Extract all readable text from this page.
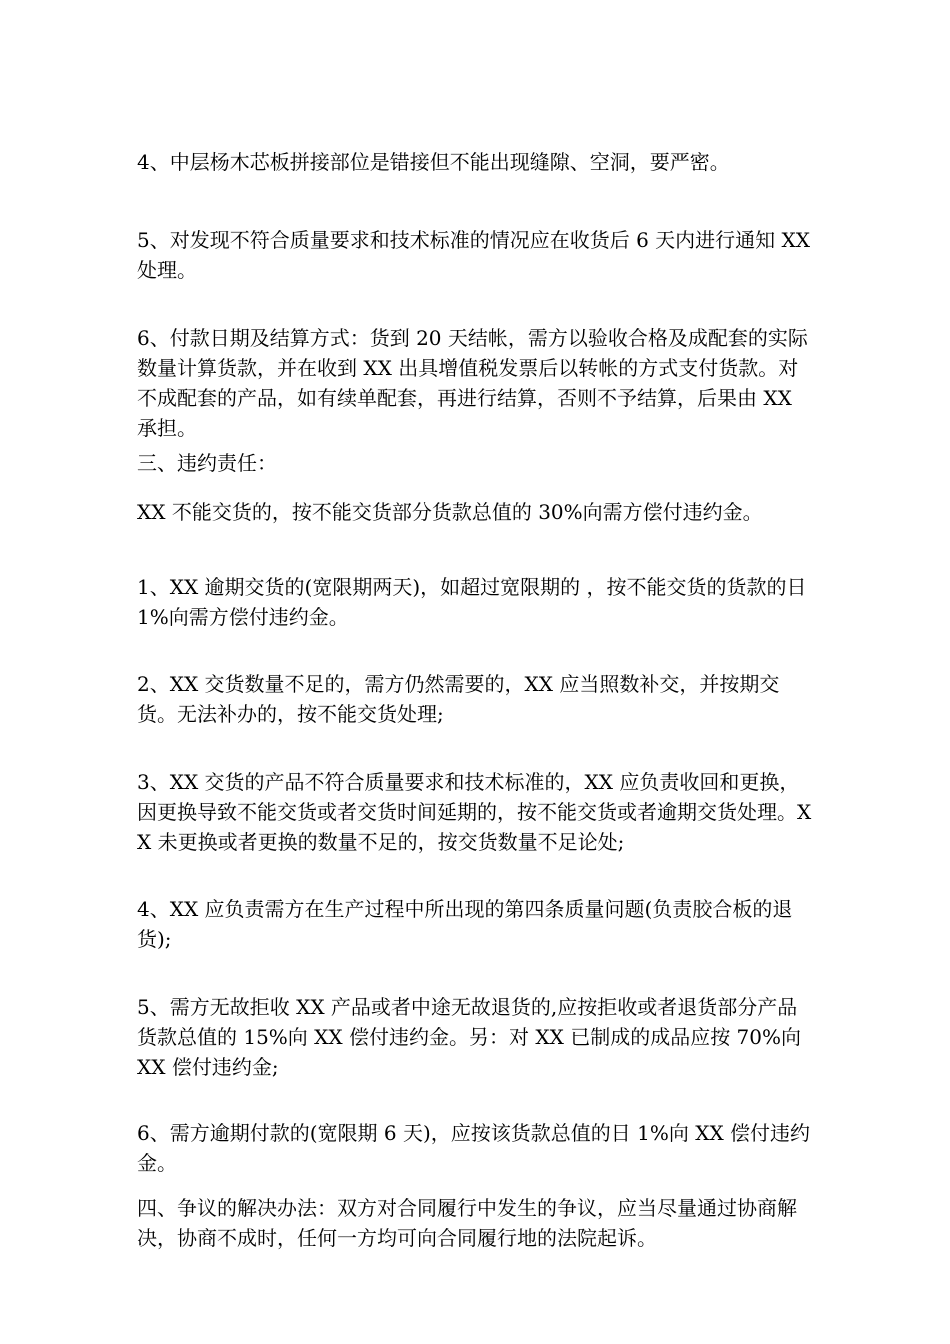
4、中层杨木芯板拼接部位是错接但不能出现缝隙、空洞，要严密。

5、对发现不符合质量要求和技术标准的情况应在收货后 6 天内进行通知 XX 处理。

6、付款日期及结算方式：货到 20 天结帐，需方以验收合格及成配套的实际数量计算货款，并在收到 XX 出具增值税发票后以转帐的方式支付货款。对不成配套的产品，如有续单配套，再进行结算，否则不予结算，后果由 XX 承担。

三、违约责任：

XX 不能交货的，按不能交货部分货款总值的 30%向需方偿付违约金。

1、XX 逾期交货的(宽限期两天)，如超过宽限期的 ，按不能交货的货款的日 1%向需方偿付违约金。

2、XX 交货数量不足的，需方仍然需要的，XX 应当照数补交，并按期交货。无法补办的，按不能交货处理;

3、XX 交货的产品不符合质量要求和技术标准的，XX 应负责收回和更换，因更换导致不能交货或者交货时间延期的，按不能交货或者逾期交货处理。XX 未更换或者更换的数量不足的，按交货数量不足论处;

4、XX 应负责需方在生产过程中所出现的第四条质量问题(负责胶合板的退货);

5、需方无故拒收 XX 产品或者中途无故退货的,应按拒收或者退货部分产品货款总值的 15%向 XX 偿付违约金。另：对 XX 已制成的成品应按 70%向 XX 偿付违约金;

6、需方逾期付款的(宽限期 6 天)，应按该货款总值的日 1%向 XX 偿付违约金。

四、争议的解决办法：双方对合同履行中发生的争议，应当尽量通过协商解决，协商不成时，任何一方均可向合同履行地的法院起诉。
